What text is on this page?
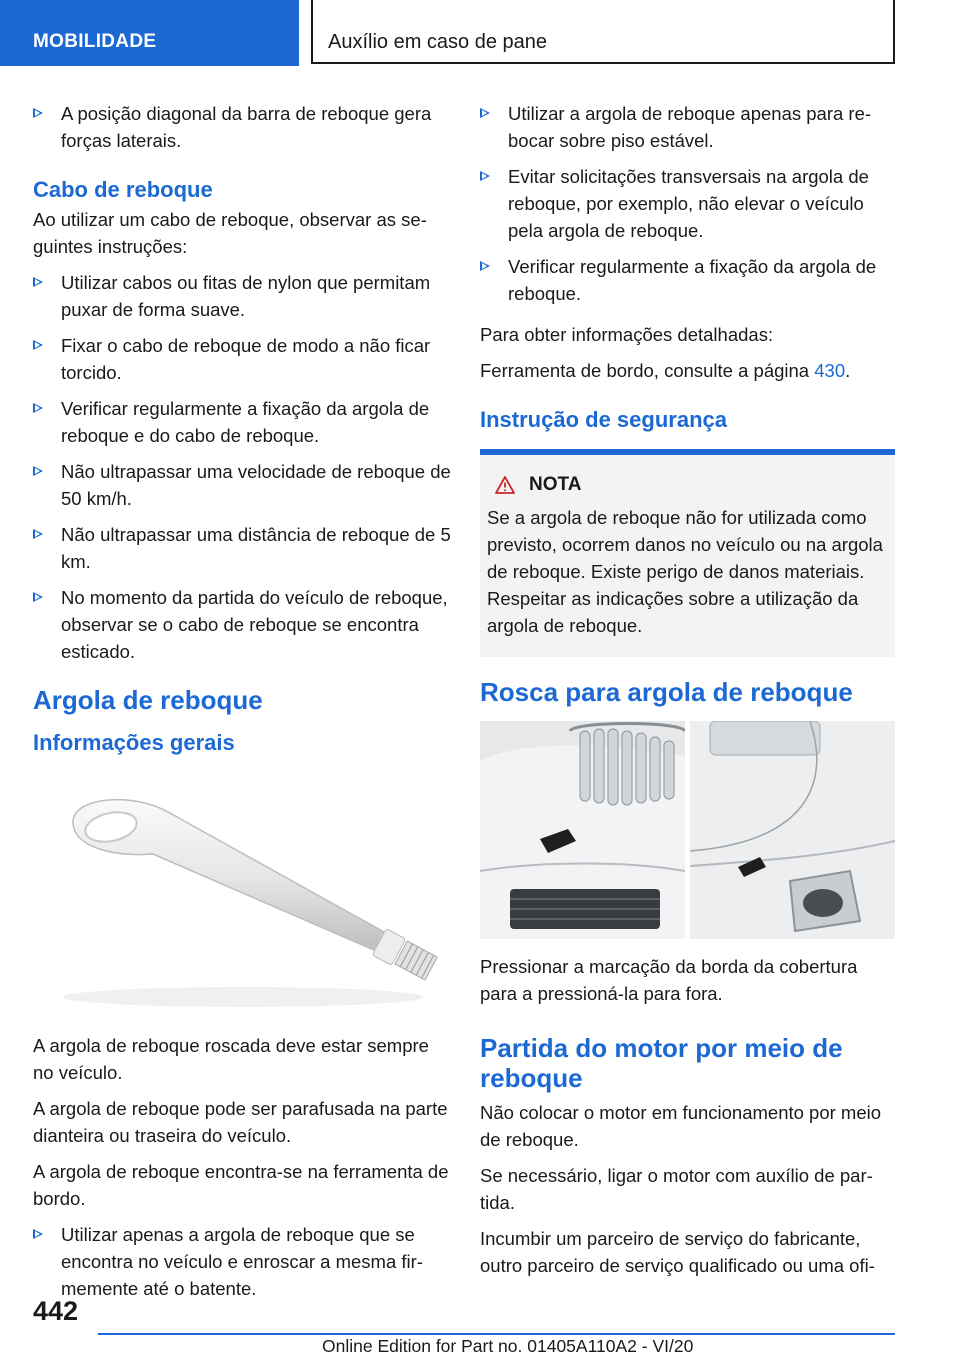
MOBILIDADE	Auxílio em caso de pane
A posição diagonal da barra de reboque gera forças laterais.
Cabo de reboque

Ao utilizar um cabo de reboque, observar as seguintes instruções:

Utilizar cabos ou fitas de nylon que permitam puxar de forma suave.
Fixar o cabo de reboque de modo a não ficar torcido.
Verificar regularmente a fixação da argola de reboque e do cabo de reboque.
Não ultrapassar uma velocidade de reboque de 50 km/h.
Não ultrapassar uma distância de reboque de 5 km.
No momento da partida do veículo de reboque, observar se o cabo de reboque se encontra esticado.
Argola de reboque
Informações gerais

A argola de reboque roscada deve estar sempre no veículo.

A argola de reboque pode ser parafusada na parte dianteira ou traseira do veículo.

A argola de reboque encontra-se na ferramenta de bordo.

Utilizar apenas a argola de reboque que se encontra no veículo e enroscar a mesma firmemente até o batente.
Utilizar a argola de reboque apenas para rebocar sobre piso estável.
Evitar solicitações transversais na argola de reboque, por exemplo, não elevar o veículo pela argola de reboque.
Verificar regularmente a fixação da argola de reboque.

Para obter informações detalhadas:

Ferramenta de bordo, consulte a página 430.

Instrução de segurança
NOTA
Se a argola de reboque não for utilizada como previsto, ocorrem danos no veículo ou na argola de reboque. Existe perigo de danos materiais. Respeitar as indicações sobre a utilização da argola de reboque.
Rosca para argola de reboque

Pressionar a marcação da borda da cobertura para a pressioná-la para fora.

Partida do motor por meio de reboque

Não colocar o motor em funcionamento por meio de reboque.

Se necessário, ligar o motor com auxílio de partida.

Incumbir um parceiro de serviço do fabricante, outro parceiro de serviço qualificado ou uma ofi-

442
Online Edition for Part no. 01405A110A2 - VI/20
